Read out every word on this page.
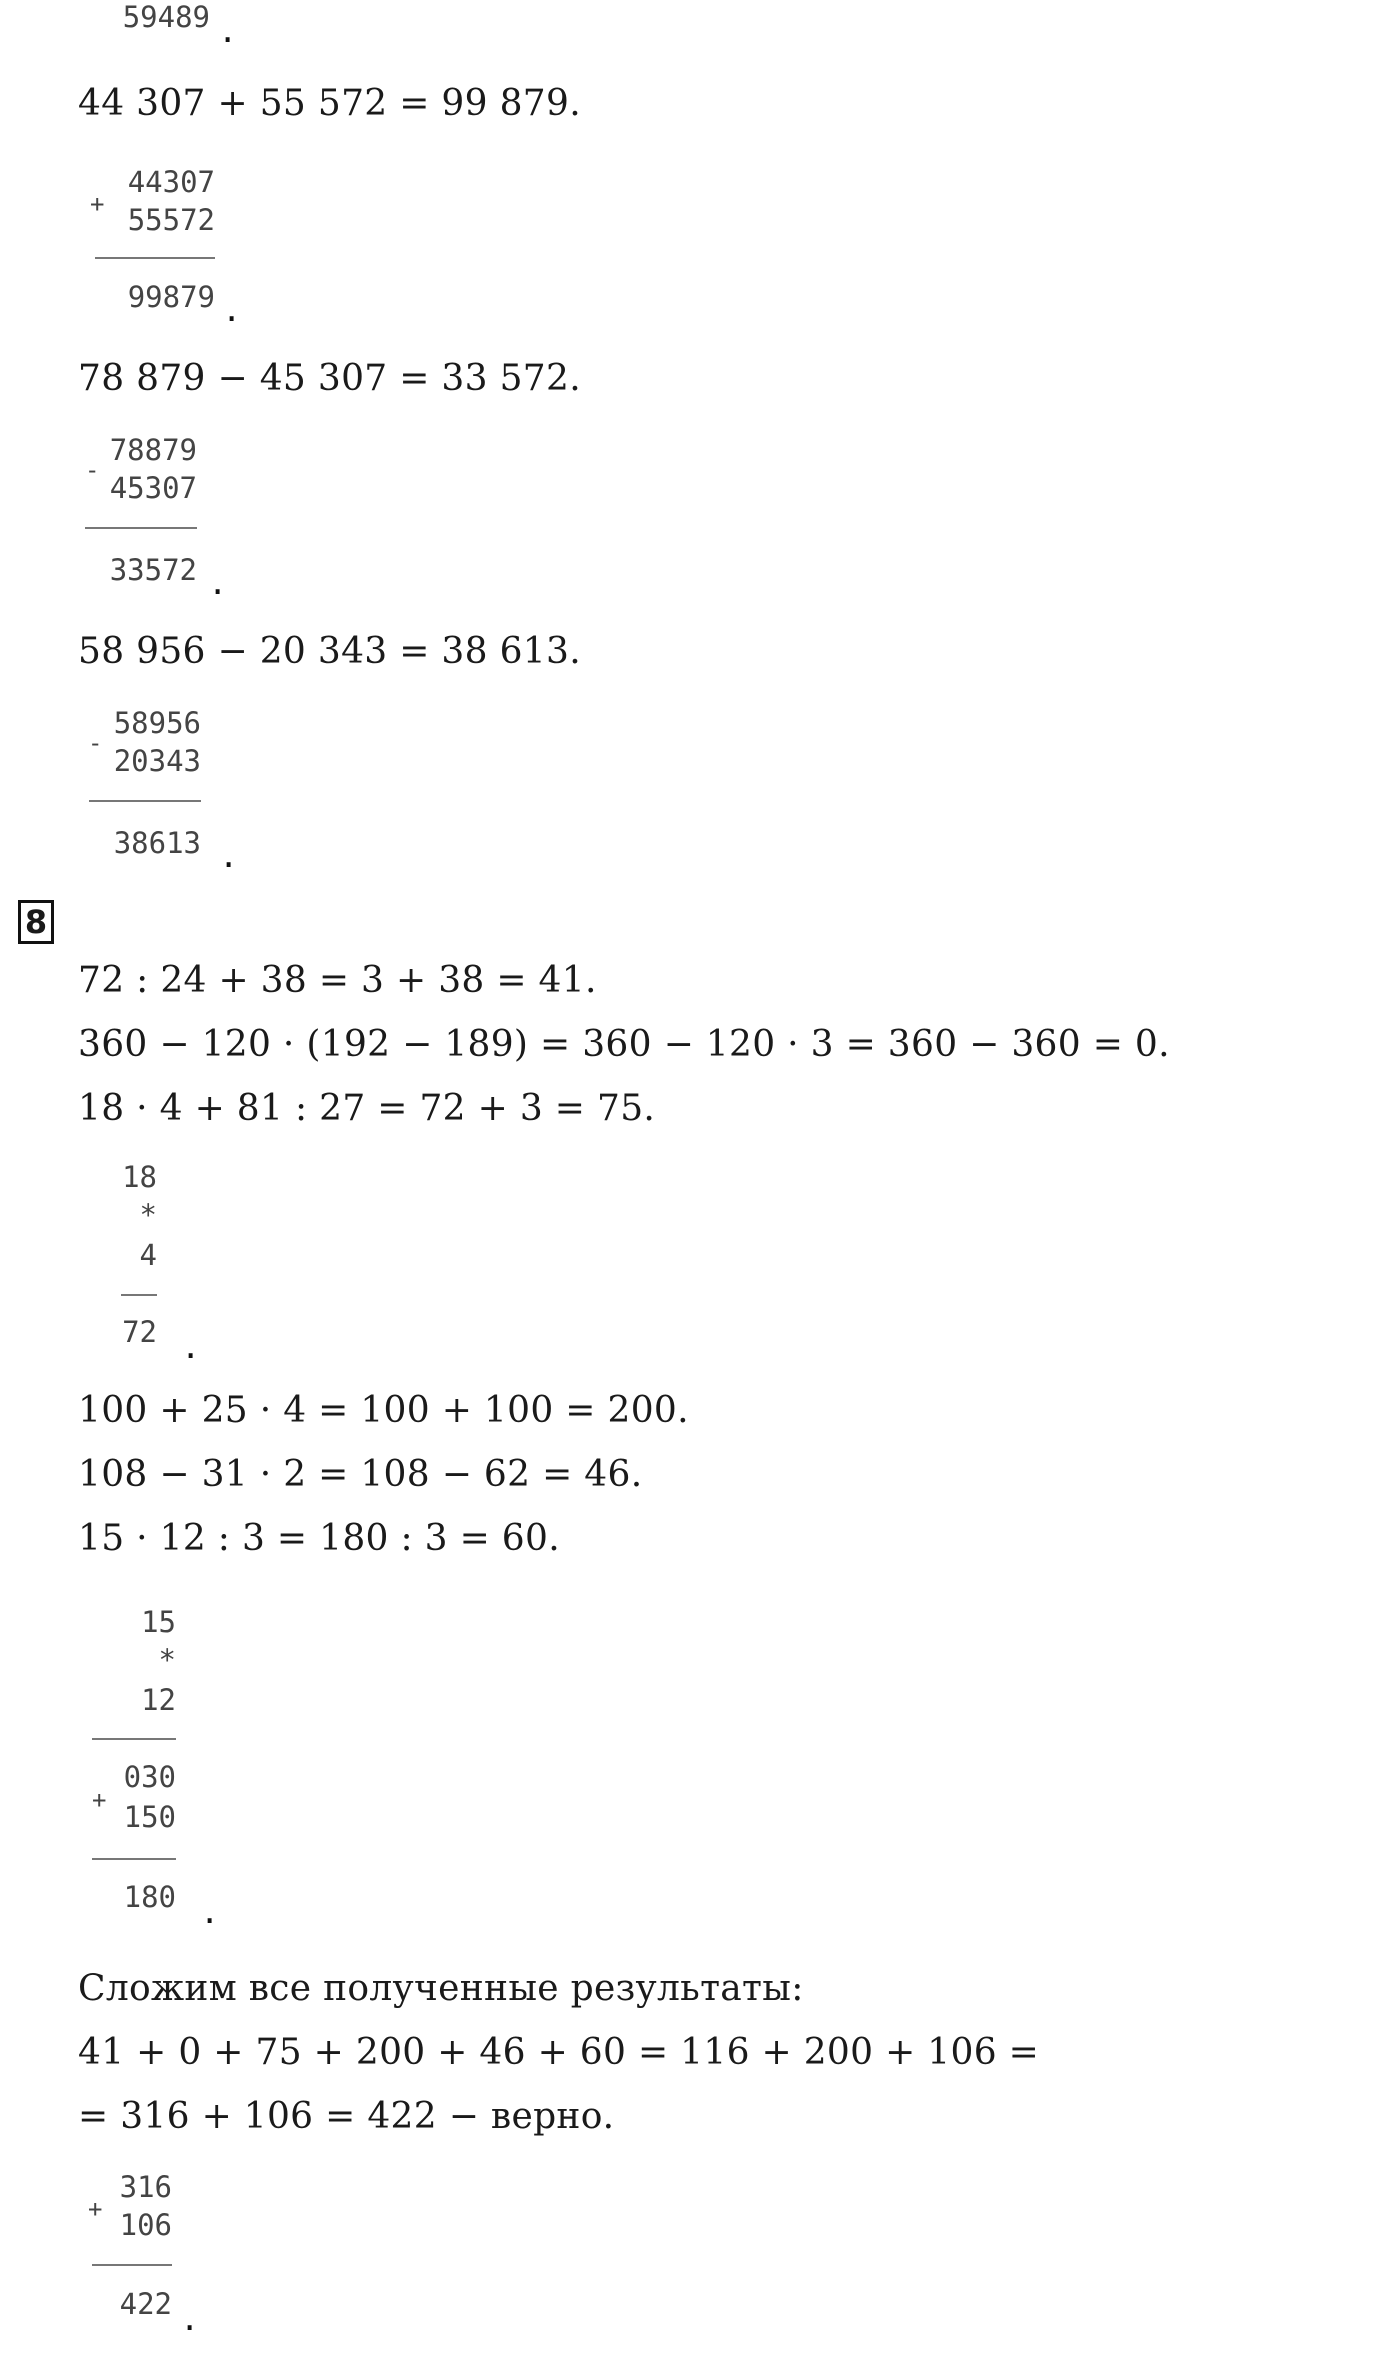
59489 .
44 307 + 55 572 = 99 879.
+
44307
55572
99879 .
78 879 − 45 307 = 33 572.
-
78879
45307
33572 .
58 956 − 20 343 = 38 613.
-
58956
20343
38613 .
8
72 : 24 + 38 = 3 + 38 = 41.
360 − 120 · (192 − 189) = 360 − 120 · 3 = 360 − 360 = 0.
18 · 4 + 81 : 27 = 72 + 3 = 75.
18
*
4
72 .
100 + 25 · 4 = 100 + 100 = 200.
108 − 31 · 2 = 108 − 62 = 46.
15 · 12 : 3 = 180 : 3 = 60.
15
*
12
+
030
150
180 .
Сложим все полученные результаты:
41 + 0 + 75 + 200 + 46 + 60 = 116 + 200 + 106 =
= 316 + 106 = 422 − верно.
+
316
106
422 .
